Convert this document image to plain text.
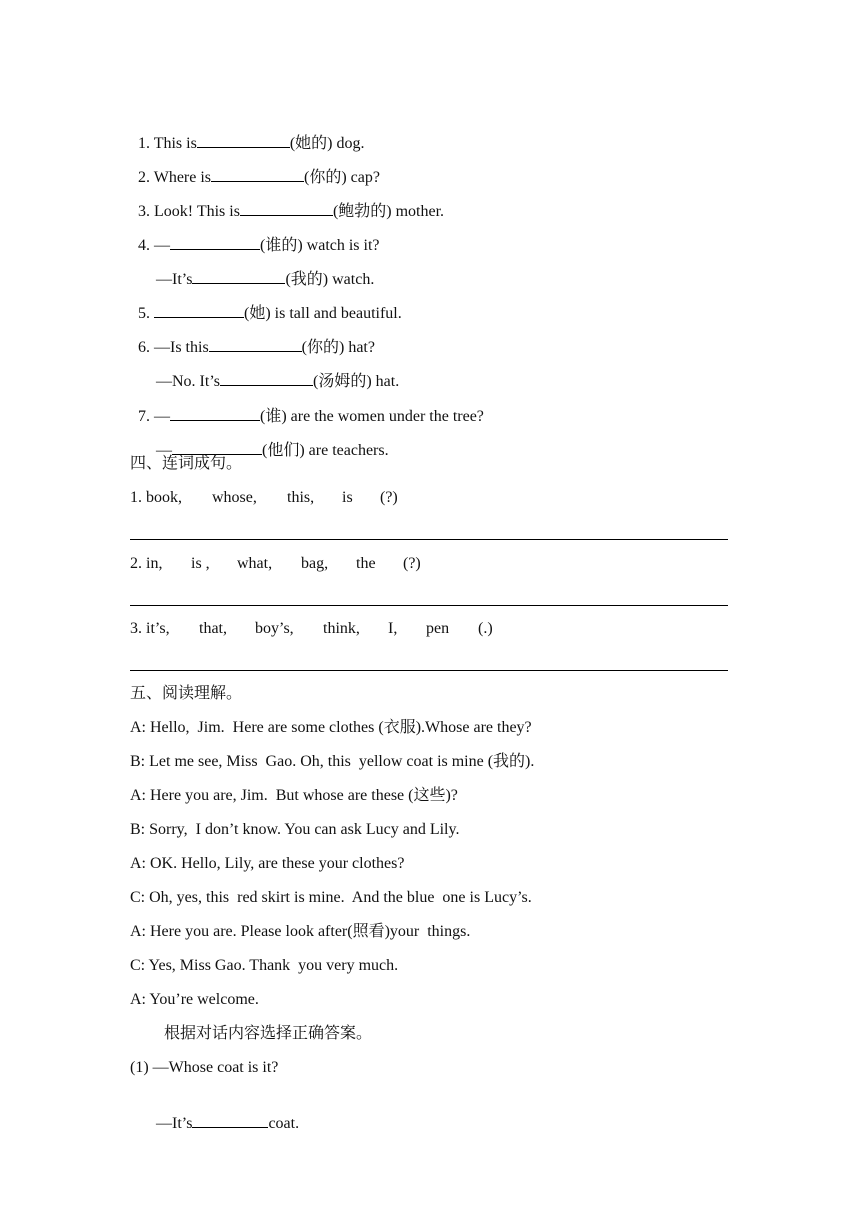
1. This is	(她的) dog.

2. Where is	(你的) cap?

3. Look! This is	(鲍勃的) mother.

4. —	(谁的) watch is it?

—It’s	(我的) watch.

5.	(她) is tall and beautiful.

6. —Is this	(你的) hat?

—No. It’s	(汤姆的) hat.

7. —	(谁) are the women under the tree?

—	(他们) are teachers.

四、连词成句。
1. book, whose, this, is (?)
2. in, is , what, bag, the (?)
3. it’s, that, boy’s, think, I, pen (.)
五、阅读理解。
A: Hello,  Jim.  Here are some clothes (衣服).Whose are they?
B: Let me see, Miss  Gao. Oh, this  yellow coat is mine (我的).
A: Here you are, Jim.  But whose are these (这些)?
B: Sorry,  I don’t know. You can ask Lucy and Lily.
A: OK. Hello, Lily, are these your clothes?
C: Oh, yes, this  red skirt is mine.  And the blue  one is Lucy’s.
A: Here you are. Please look after(照看)your  things.
C: Yes, Miss Gao. Thank  you very much.
A: You’re welcome.
根据对话内容选择正确答案。
(1) —Whose coat is it?

—It’s	coat.
